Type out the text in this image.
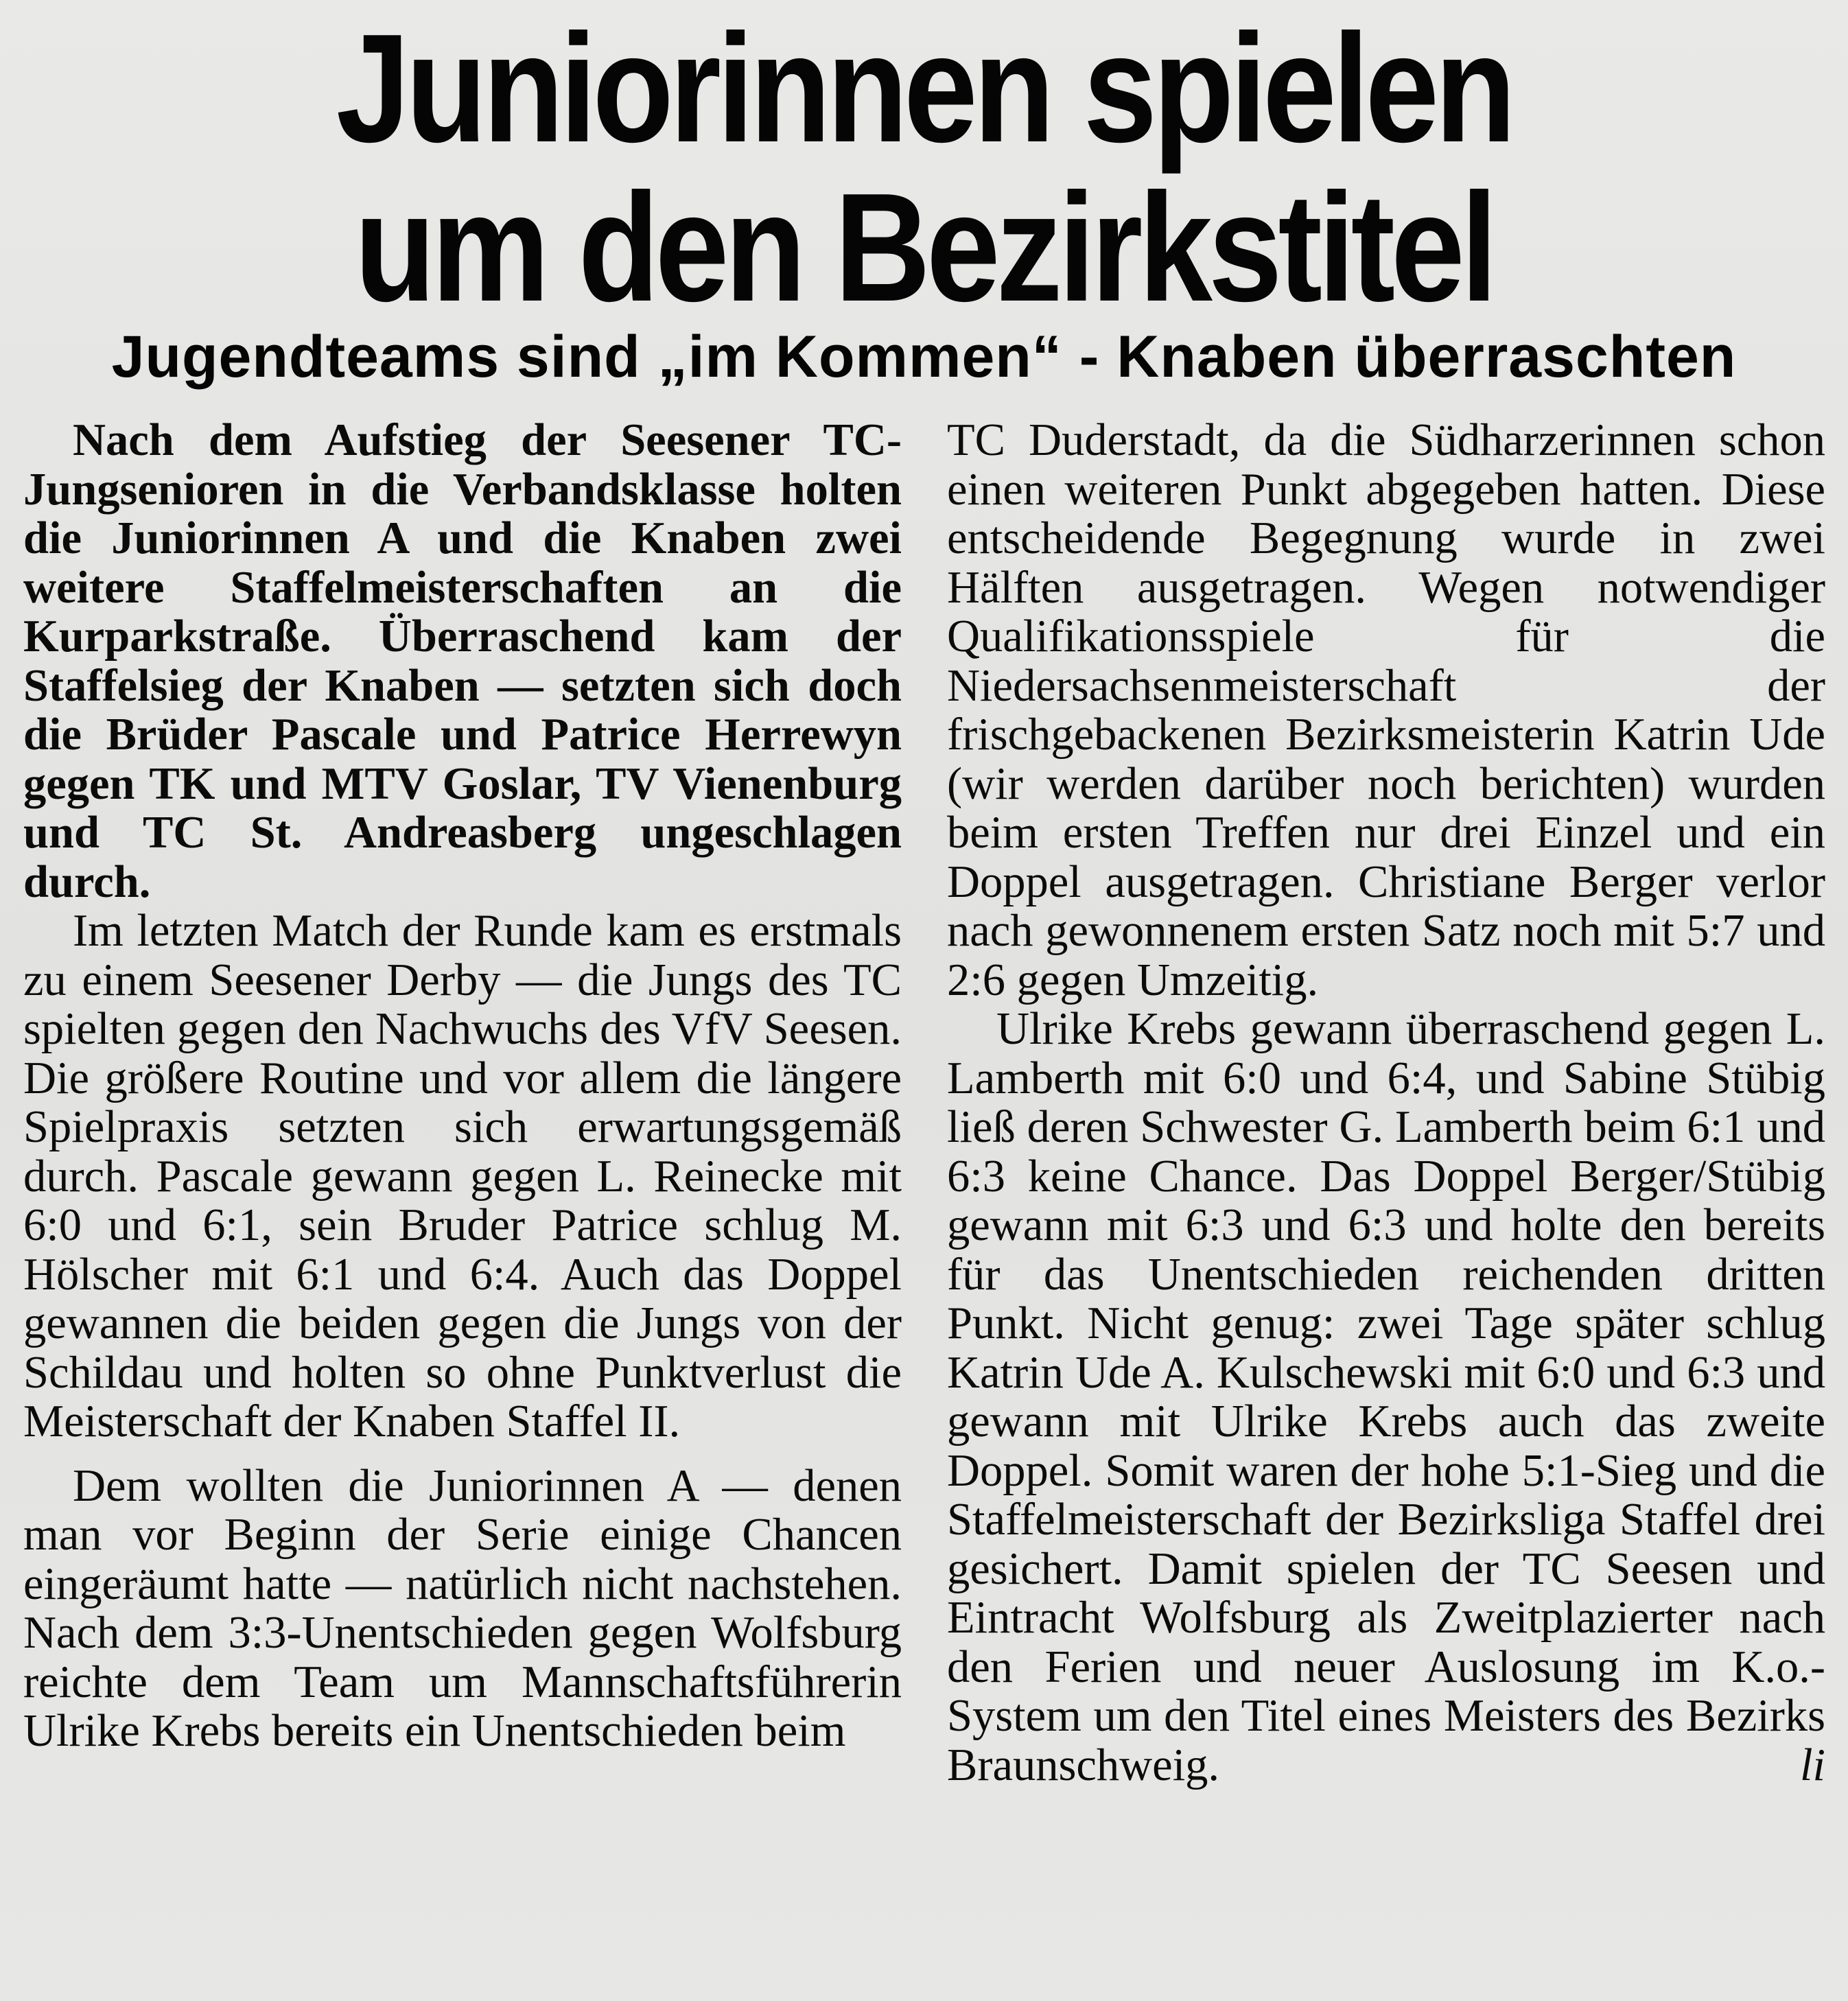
Juniorinnen spielen
um den Bezirkstitel
Jugendteams sind „im Kommen“ - Knaben überraschten

Nach dem Aufstieg der Seesener TC-Jungsenioren in die Verbandsklasse holten die Juniorinnen A und die Knaben zwei weitere Staffelmeisterschaften an die Kurparkstraße. Überraschend kam der Staffelsieg der Knaben — setzten sich doch die Brüder Pascale und Patrice Herrewyn gegen TK und MTV Goslar, TV Vienenburg und TC St. Andreasberg ungeschlagen durch.

Im letzten Match der Runde kam es erstmals zu einem Seesener Derby — die Jungs des TC spielten gegen den Nachwuchs des VfV Seesen. Die größere Routine und vor allem die längere Spielpraxis setzten sich erwartungsgemäß durch. Pascale gewann gegen L. Reinecke mit 6:0 und 6:1, sein Bruder Patrice schlug M. Hölscher mit 6:1 und 6:4. Auch das Doppel gewannen die beiden gegen die Jungs von der Schildau und holten so ohne Punktverlust die Meisterschaft der Knaben Staffel II.

Dem wollten die Juniorinnen A — denen man vor Beginn der Serie einige Chancen eingeräumt hatte — natürlich nicht nachstehen. Nach dem 3:3-Unentschieden gegen Wolfsburg reichte dem Team um Mannschaftsführerin Ulrike Krebs bereits ein Unentschieden beim

TC Duderstadt, da die Südharzerinnen schon einen weiteren Punkt abgegeben hatten. Diese entscheidende Begegnung wurde in zwei Hälften ausgetragen. Wegen notwendiger Qualifikationsspiele für die Niedersachsenmeisterschaft der frischgebackenen Bezirksmeisterin Katrin Ude (wir werden darüber noch berichten) wurden beim ersten Treffen nur drei Einzel und ein Doppel ausgetragen. Christiane Berger verlor nach gewonnenem ersten Satz noch mit 5:7 und 2:6 gegen Umzeitig.

Ulrike Krebs gewann überraschend gegen L. Lamberth mit 6:0 und 6:4, und Sabine Stübig ließ deren Schwester G. Lamberth beim 6:1 und 6:3 keine Chance. Das Doppel Berger/Stübig gewann mit 6:3 und 6:3 und holte den bereits für das Unentschieden reichenden dritten Punkt. Nicht genug: zwei Tage später schlug Katrin Ude A. Kulschewski mit 6:0 und 6:3 und gewann mit Ulrike Krebs auch das zweite Doppel. Somit waren der hohe 5:1-Sieg und die Staffelmeisterschaft der Bezirksliga Staffel drei gesichert. Damit spielen der TC Seesen und Eintracht Wolfsburg als Zweitplazierter nach den Ferien und neuer Auslosung im K.o.-System um den Titel eines Meisters des Bezirks Braunschweig.	li
